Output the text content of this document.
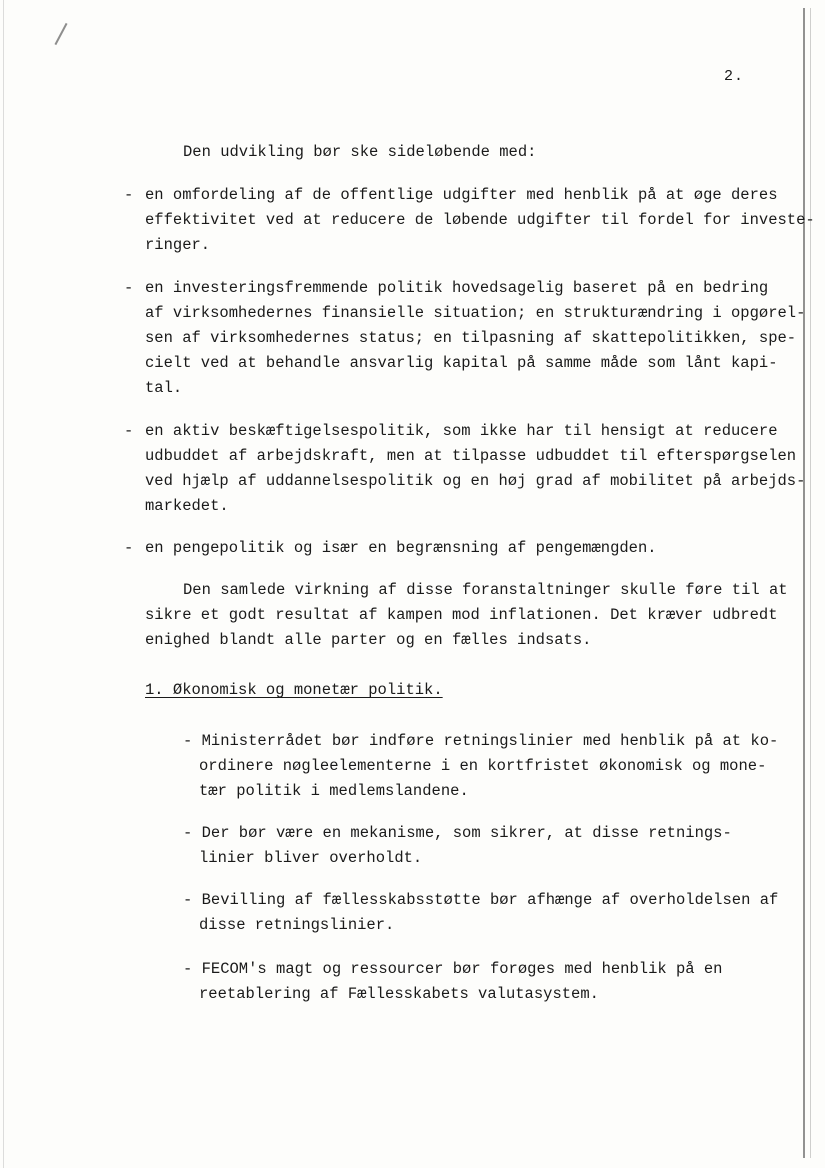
2.
Den udvikling bør ske sideløbende med:
- en omfordeling af de offentlige udgifter med henblik på at øge deres
effektivitet ved at reducere de løbende udgifter til fordel for investe-
ringer.
- en investeringsfremmende politik hovedsagelig baseret på en bedring
af virksomhedernes finansielle situation; en strukturændring i opgørel-
sen af virksomhedernes status; en tilpasning af skattepolitikken, spe-
cielt ved at behandle ansvarlig kapital på samme måde som lånt kapi-
tal.
- en aktiv beskæftigelsespolitik, som ikke har til hensigt at reducere
udbuddet af arbejdskraft, men at tilpasse udbuddet til efterspørgselen
ved hjælp af uddannelsespolitik og en høj grad af mobilitet på arbejds-
markedet.
- en pengepolitik og især en begrænsning af pengemængden.
Den samlede virkning af disse foranstaltninger skulle føre til at
sikre et godt resultat af kampen mod inflationen. Det kræver udbredt
enighed blandt alle parter og en fælles indsats.
1. Økonomisk og monetær politik.
- Ministerrådet bør indføre retningslinier med henblik på at ko-
ordinere nøgleelementerne i en kortfristet økonomisk og mone-
tær politik i medlemslandene.
- Der bør være en mekanisme, som sikrer, at disse retnings-
linier bliver overholdt.
- Bevilling af fællesskabsstøtte bør afhænge af overholdelsen af
disse retningslinier.
- FECOM's magt og ressourcer bør forøges med henblik på en
reetablering af Fællesskabets valutasystem.
